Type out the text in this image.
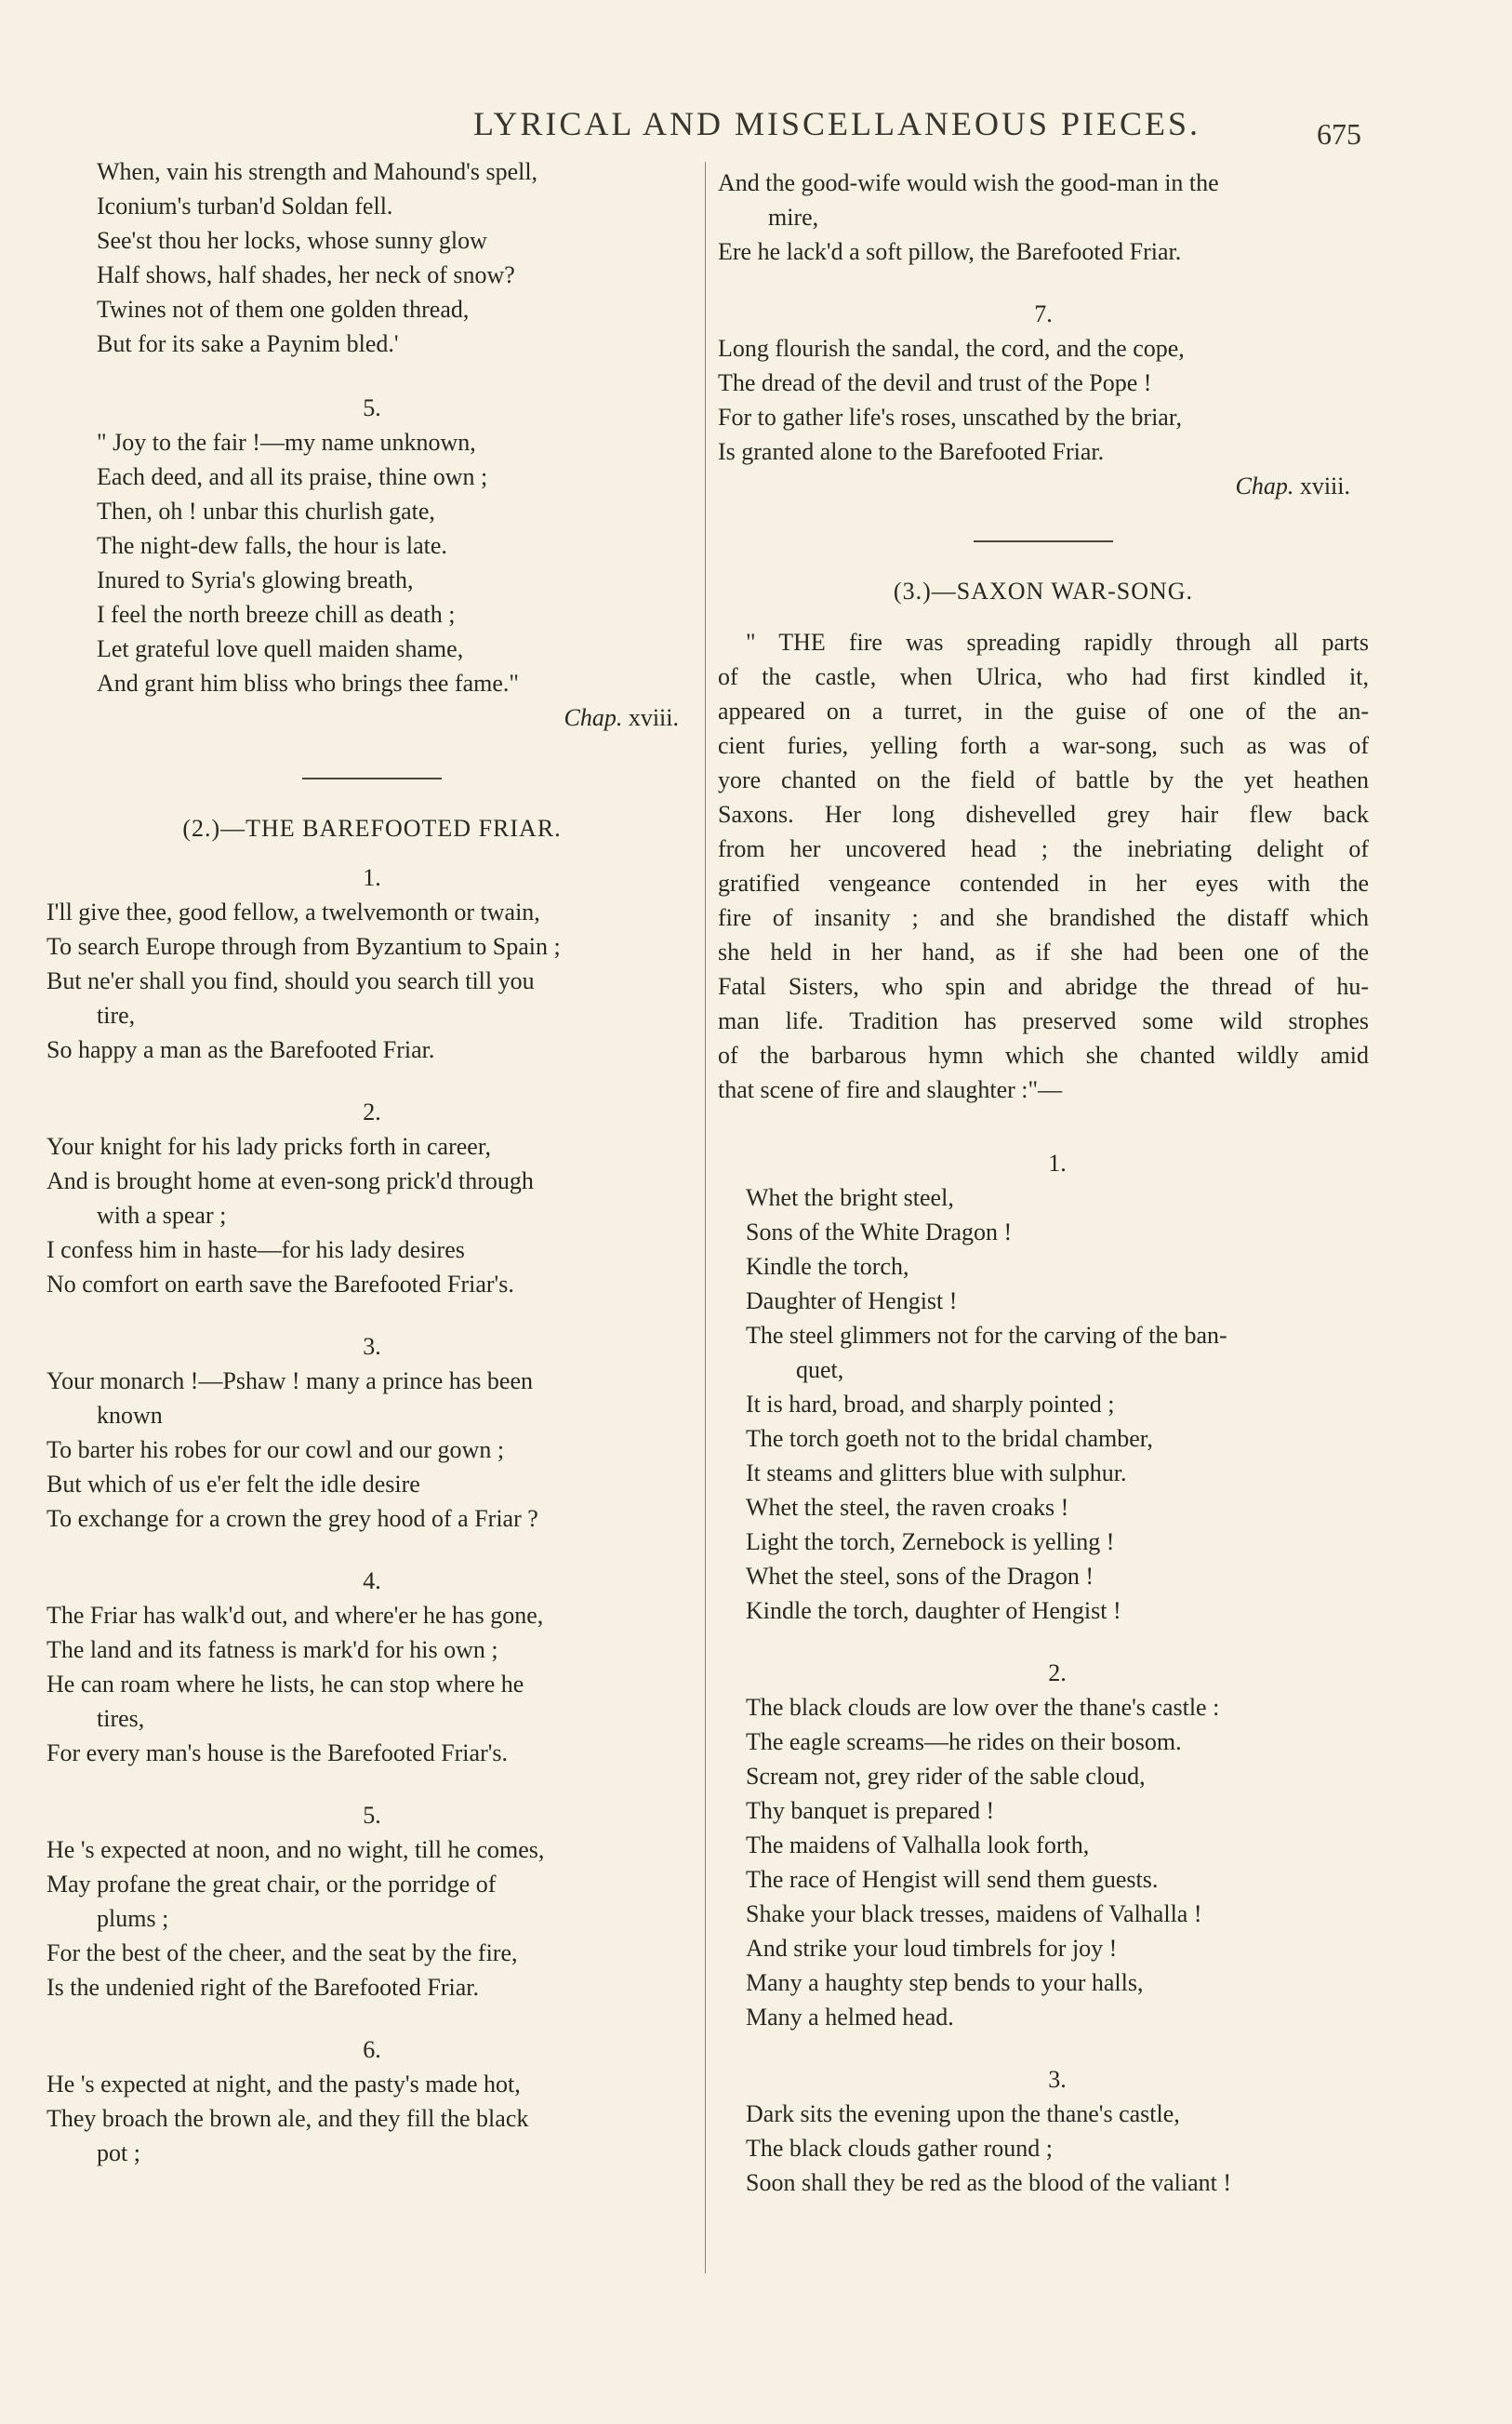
LYRICAL AND MISCELLANEOUS PIECES.	675

When, vain his strength and Mahound's spell,

Iconium's turban'd Soldan fell.

See'st thou her locks, whose sunny glow

Half shows, half shades, her neck of snow?

Twines not of them one golden thread,

But for its sake a Paynim bled.'

5.

" Joy to the fair !—my name unknown,

Each deed, and all its praise, thine own ;

Then, oh ! unbar this churlish gate,

The night-dew falls, the hour is late.

Inured to Syria's glowing breath,

I feel the north breeze chill as death ;

Let grateful love quell maiden shame,

And grant him bliss who brings thee fame."

Chap. xviii.

(2.)—THE BAREFOOTED FRIAR.

1.

I'll give thee, good fellow, a twelvemonth or twain,

To search Europe through from Byzantium to Spain ;

But ne'er shall you find, should you search till you

tire,

So happy a man as the Barefooted Friar.

2.

Your knight for his lady pricks forth in career,

And is brought home at even-song prick'd through

with a spear ;

I confess him in haste—for his lady desires

No comfort on earth save the Barefooted Friar's.

3.

Your monarch !—Pshaw ! many a prince has been

known

To barter his robes for our cowl and our gown ;

But which of us e'er felt the idle desire

To exchange for a crown the grey hood of a Friar ?

4.

The Friar has walk'd out, and where'er he has gone,

The land and its fatness is mark'd for his own ;

He can roam where he lists, he can stop where he

tires,

For every man's house is the Barefooted Friar's.

5.

He 's expected at noon, and no wight, till he comes,

May profane the great chair, or the porridge of

plums ;

For the best of the cheer, and the seat by the fire,

Is the undenied right of the Barefooted Friar.

6.

He 's expected at night, and the pasty's made hot,

They broach the brown ale, and they fill the black

pot ;

And the good-wife would wish the good-man in the

mire,

Ere he lack'd a soft pillow, the Barefooted Friar.

7.

Long flourish the sandal, the cord, and the cope,

The dread of the devil and trust of the Pope !

For to gather life's roses, unscathed by the briar,

Is granted alone to the Barefooted Friar.

Chap. xviii.

(3.)—SAXON WAR-SONG.

" THE fire was spreading rapidly through all parts

of the castle, when Ulrica, who had first kindled it,

appeared on a turret, in the guise of one of the an-

cient furies, yelling forth a war-song, such as was of

yore chanted on the field of battle by the yet heathen

Saxons. Her long dishevelled grey hair flew back

from her uncovered head ; the inebriating delight of

gratified vengeance contended in her eyes with the

fire of insanity ; and she brandished the distaff which

she held in her hand, as if she had been one of the

Fatal Sisters, who spin and abridge the thread of hu-

man life. Tradition has preserved some wild strophes

of the barbarous hymn which she chanted wildly amid

that scene of fire and slaughter :"—

1.

Whet the bright steel,

Sons of the White Dragon !

Kindle the torch,

Daughter of Hengist !

The steel glimmers not for the carving of the ban-

quet,

It is hard, broad, and sharply pointed ;

The torch goeth not to the bridal chamber,

It steams and glitters blue with sulphur.

Whet the steel, the raven croaks !

Light the torch, Zernebock is yelling !

Whet the steel, sons of the Dragon !

Kindle the torch, daughter of Hengist !

2.

The black clouds are low over the thane's castle :

The eagle screams—he rides on their bosom.

Scream not, grey rider of the sable cloud,

Thy banquet is prepared !

The maidens of Valhalla look forth,

The race of Hengist will send them guests.

Shake your black tresses, maidens of Valhalla !

And strike your loud timbrels for joy !

Many a haughty step bends to your halls,

Many a helmed head.

3.

Dark sits the evening upon the thane's castle,

The black clouds gather round ;

Soon shall they be red as the blood of the valiant !
